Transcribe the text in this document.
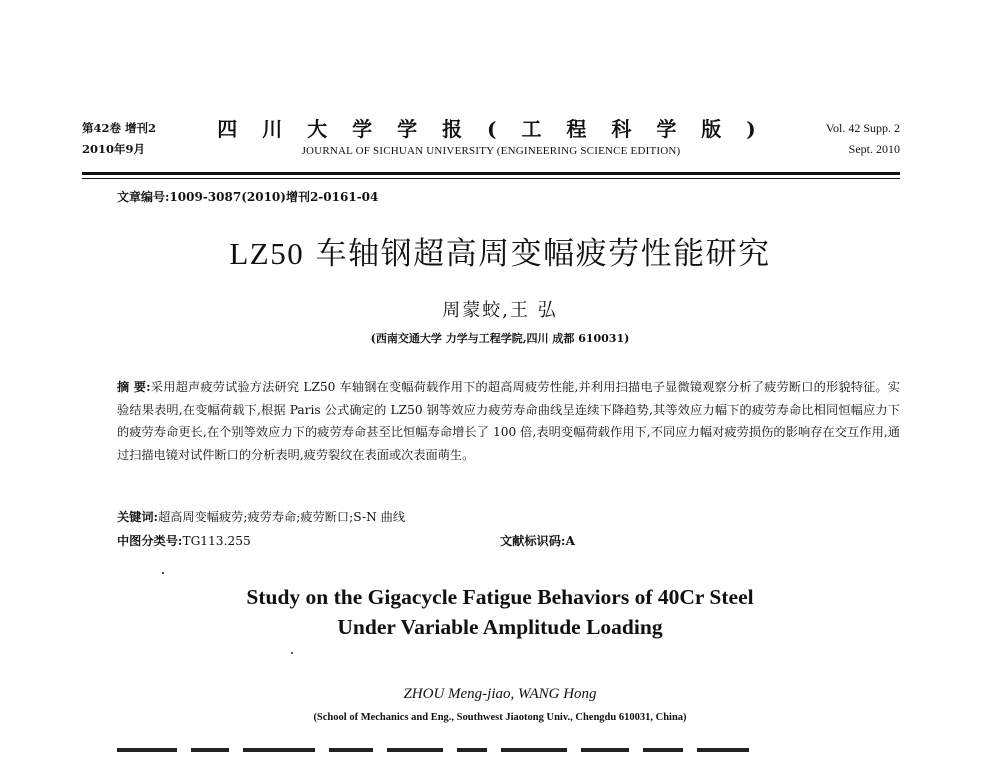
第42卷 增刊2
2010年9月
四 川 大 学 学 报 ( 工 程 科 学 版 )
JOURNAL OF SICHUAN UNIVERSITY (ENGINEERING SCIENCE EDITION)
Vol. 42 Supp. 2
Sept. 2010
文章编号:1009-3087(2010)增刊2-0161-04
LZ50 车轴钢超高周变幅疲劳性能研究
周蒙蛟,王 弘
(西南交通大学 力学与工程学院,四川 成都 610031)
摘 要:采用超声疲劳试验方法研究 LZ50 车轴钢在变幅荷载作用下的超高周疲劳性能,并利用扫描电子显微镜观察分析了疲劳断口的形貌特征。实验结果表明,在变幅荷载下,根据 Paris 公式确定的 LZ50 钢等效应力疲劳寿命曲线呈连续下降趋势,其等效应力幅下的疲劳寿命比相同恒幅应力下的疲劳寿命更长,在个别等效应力下的疲劳寿命甚至比恒幅寿命增长了 100 倍,表明变幅荷载作用下,不同应力幅对疲劳损伤的影响存在交互作用,通过扫描电镜对试件断口的分析表明,疲劳裂纹在表面或次表面萌生。
关键词:超高周变幅疲劳;疲劳寿命;疲劳断口;S-N 曲线
中图分类号:TG113.255	文献标识码:A
Study on the Gigacycle Fatigue Behaviors of 40Cr Steel
Under Variable Amplitude Loading
ZHOU Meng-jiao, WANG Hong
(School of Mechanics and Eng., Southwest Jiaotong Univ., Chengdu 610031, China)
